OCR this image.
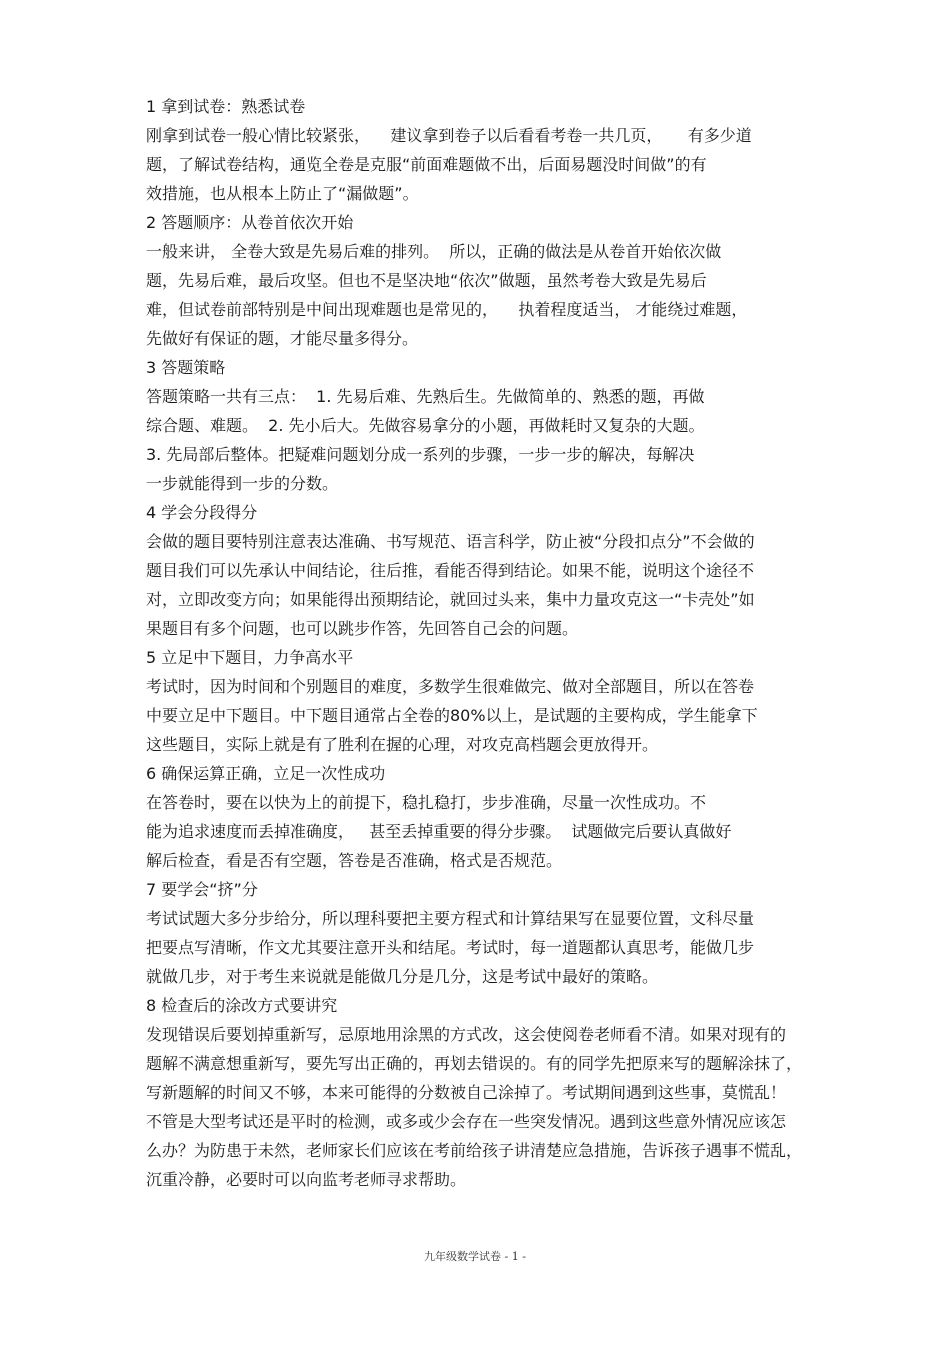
1 拿到试卷：熟悉试卷
刚拿到试卷一般心情比较紧张，    建议拿到卷子以后看看考卷一共几页，     有多少道
题，了解试卷结构，通览全卷是克服“前面难题做不出，后面易题没时间做”的有
效措施，也从根本上防止了“漏做题”。
2 答题顺序：从卷首依次开始
一般来讲， 全卷大致是先易后难的排列。  所以，正确的做法是从卷首开始依次做
题，先易后难，最后攻坚。但也不是坚决地“依次”做题，虽然考卷大致是先易后
难，但试卷前部特别是中间出现难题也是常见的，    执着程度适当， 才能绕过难题，
先做好有保证的题，才能尽量多得分。
3 答题策略
答题策略一共有三点：  1. 先易后难、先熟后生。先做简单的、熟悉的题，再做
综合题、难题。  2. 先小后大。先做容易拿分的小题，再做耗时又复杂的大题。
3. 先局部后整体。把疑难问题划分成一系列的步骤，一步一步的解决，每解决
一步就能得到一步的分数。
4 学会分段得分
会做的题目要特别注意表达准确、书写规范、语言科学，防止被“分段扣点分”不会做的
题目我们可以先承认中间结论，往后推，看能否得到结论。如果不能，说明这个途径不
对，立即改变方向；如果能得出预期结论，就回过头来，集中力量攻克这一“卡壳处”如
果题目有多个问题，也可以跳步作答，先回答自己会的问题。
5 立足中下题目，力争高水平
考试时，因为时间和个别题目的难度，多数学生很难做完、做对全部题目，所以在答卷
中要立足中下题目。中下题目通常占全卷的80%以上，是试题的主要构成，学生能拿下
这些题目，实际上就是有了胜利在握的心理，对攻克高档题会更放得开。
6 确保运算正确，立足一次性成功
在答卷时，要在以快为上的前提下，稳扎稳打，步步准确，尽量一次性成功。不
能为追求速度而丢掉准确度，   甚至丢掉重要的得分步骤。  试题做完后要认真做好
解后检查，看是否有空题，答卷是否准确，格式是否规范。
7 要学会“挤”分
考试试题大多分步给分，所以理科要把主要方程式和计算结果写在显要位置，文科尽量
把要点写清晰，作文尤其要注意开头和结尾。考试时，每一道题都认真思考，能做几步
就做几步，对于考生来说就是能做几分是几分，这是考试中最好的策略。
8 检查后的涂改方式要讲究
发现错误后要划掉重新写，忌原地用涂黑的方式改，这会使阅卷老师看不清。如果对现有的
题解不满意想重新写，要先写出正确的，再划去错误的。有的同学先把原来写的题解涂抹了，
写新题解的时间又不够，本来可能得的分数被自己涂掉了。考试期间遇到这些事，莫慌乱！
不管是大型考试还是平时的检测，或多或少会存在一些突发情况。遇到这些意外情况应该怎
么办？为防患于未然，老师家长们应该在考前给孩子讲清楚应急措施，告诉孩子遇事不慌乱，
沉重冷静，必要时可以向监考老师寻求帮助。
九年级数学试卷 - 1 -
